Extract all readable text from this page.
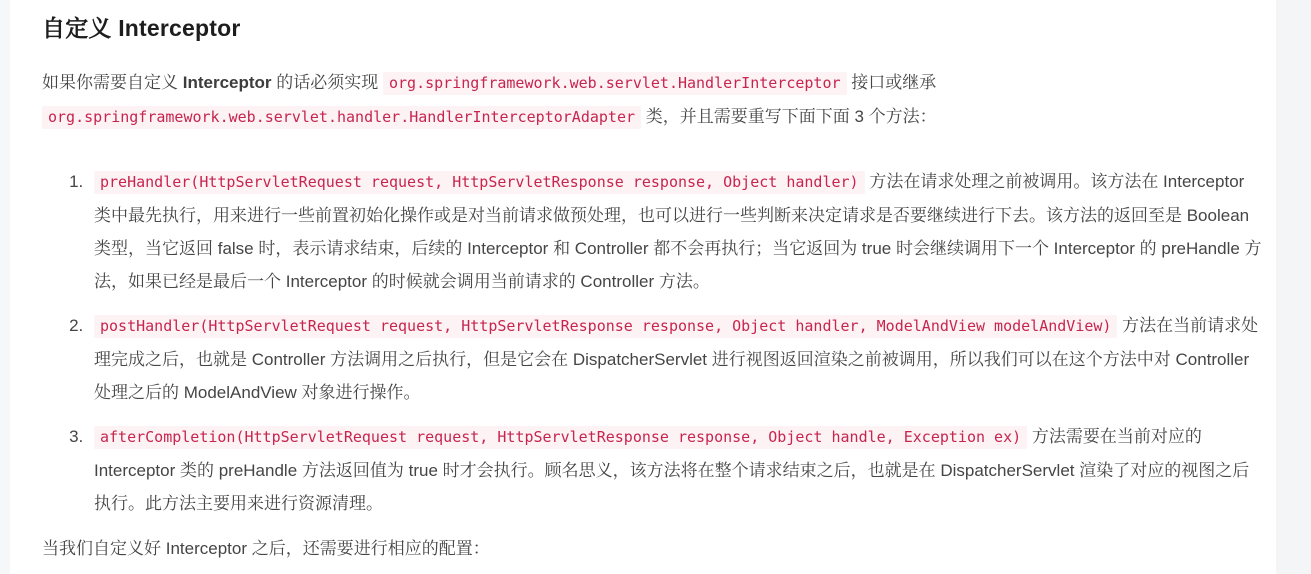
自定义 Interceptor

如果你需要自定义 Interceptor 的话必须实现 org.springframework.web.servlet.HandlerInterceptor 接口或继承 org.springframework.web.servlet.handler.HandlerInterceptorAdapter 类，并且需要重写下面下面 3 个方法：

1. preHandler(HttpServletRequest request, HttpServletResponse response, Object handler) 方法在请求处理之前被调用。该方法在 Interceptor 类中最先执行，用来进行一些前置初始化操作或是对当前请求做预处理，也可以进行一些判断来决定请求是否要继续进行下去。该方法的返回至是 Boolean 类型，当它返回 false 时，表示请求结束，后续的 Interceptor 和 Controller 都不会再执行；当它返回为 true 时会继续调用下一个 Interceptor 的 preHandle 方法，如果已经是最后一个 Interceptor 的时候就会调用当前请求的 Controller 方法。
2. postHandler(HttpServletRequest request, HttpServletResponse response, Object handler, ModelAndView modelAndView) 方法在当前请求处理完成之后，也就是 Controller 方法调用之后执行，但是它会在 DispatcherServlet 进行视图返回渲染之前被调用，所以我们可以在这个方法中对 Controller 处理之后的 ModelAndView 对象进行操作。
3. afterCompletion(HttpServletRequest request, HttpServletResponse response, Object handle, Exception ex) 方法需要在当前对应的 Interceptor 类的 preHandle 方法返回值为 true 时才会执行。顾名思义，该方法将在整个请求结束之后，也就是在 DispatcherServlet 渲染了对应的视图之后执行。此方法主要用来进行资源清理。

当我们自定义好 Interceptor 之后，还需要进行相应的配置：
